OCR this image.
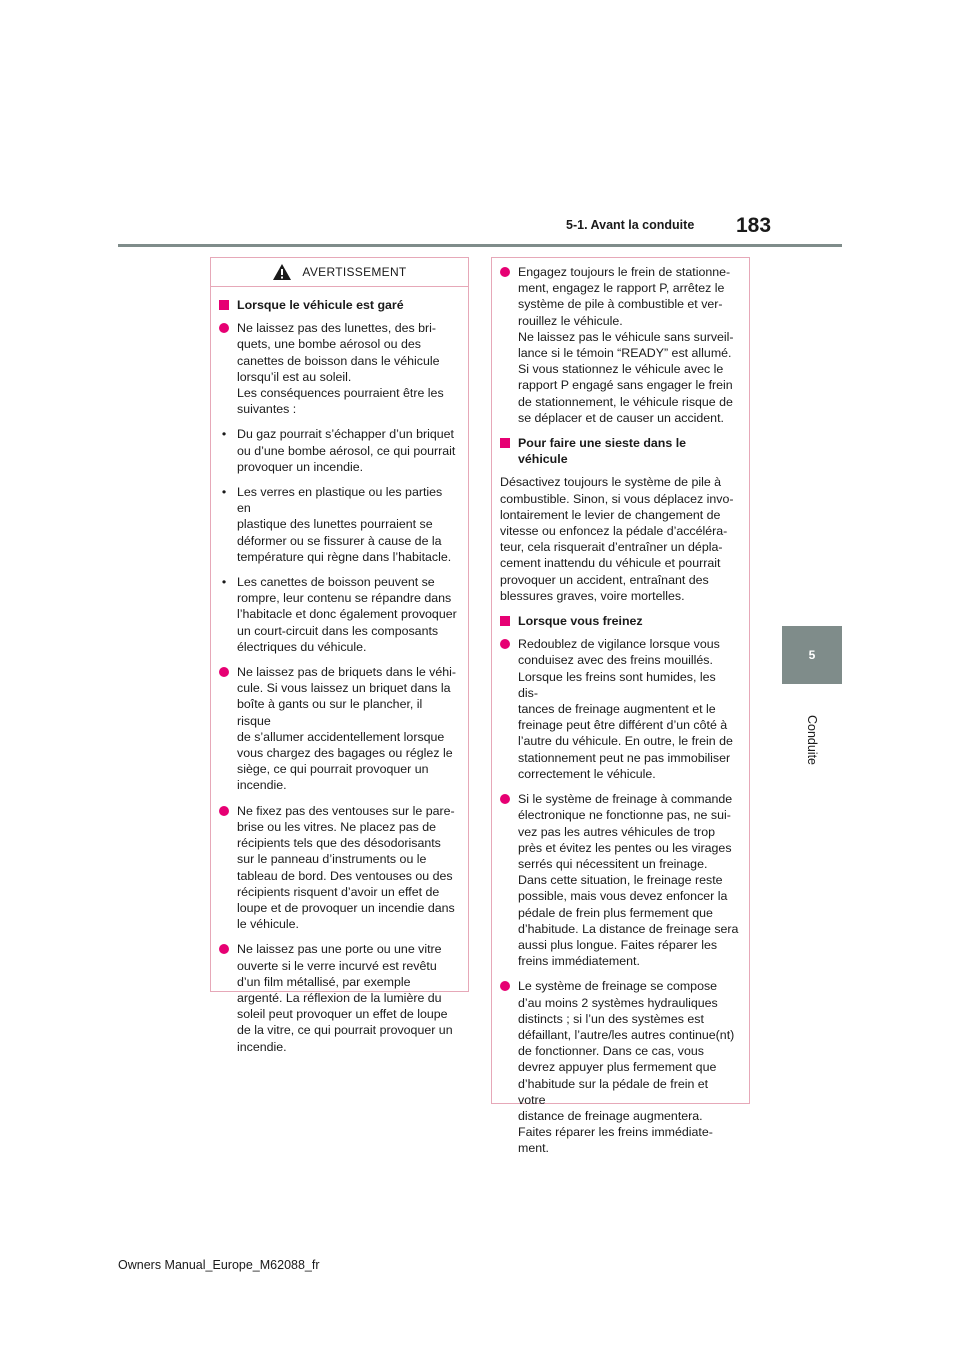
5-1. Avant la conduite 183
5
Conduite
AVERTISSEMENT
Lorsque le véhicule est garé
Ne laissez pas des lunettes, des bri-
quets, une bombe aérosol ou des
canettes de boisson dans le véhicule
lorsqu’il est au soleil.
Les conséquences pourraient être les
suivantes :
• Du gaz pourrait s’échapper d’un briquet
ou d’une bombe aérosol, ce qui pourrait
provoquer un incendie.
• Les verres en plastique ou les parties en
plastique des lunettes pourraient se
déformer ou se fissurer à cause de la
température qui règne dans l’habitacle.
• Les canettes de boisson peuvent se
rompre, leur contenu se répandre dans
l’habitacle et donc également provoquer
un court-circuit dans les composants
électriques du véhicule.
Ne laissez pas de briquets dans le véhi-
cule. Si vous laissez un briquet dans la
boîte à gants ou sur le plancher, il risque
de s’allumer accidentellement lorsque
vous chargez des bagages ou réglez le
siège, ce qui pourrait provoquer un
incendie.
Ne fixez pas des ventouses sur le pare-
brise ou les vitres. Ne placez pas de
récipients tels que des désodorisants
sur le panneau d’instruments ou le
tableau de bord. Des ventouses ou des
récipients risquent d’avoir un effet de
loupe et de provoquer un incendie dans
le véhicule.
Ne laissez pas une porte ou une vitre
ouverte si le verre incurvé est revêtu
d’un film métallisé, par exemple
argenté. La réflexion de la lumière du
soleil peut provoquer un effet de loupe
de la vitre, ce qui pourrait provoquer un
incendie.
Engagez toujours le frein de stationne-
ment, engagez le rapport P, arrêtez le
système de pile à combustible et ver-
rouillez le véhicule.
Ne laissez pas le véhicule sans surveil-
lance si le témoin “READY” est allumé.
Si vous stationnez le véhicule avec le
rapport P engagé sans engager le frein
de stationnement, le véhicule risque de
se déplacer et de causer un accident.
Pour faire une sieste dans le véhicule
Désactivez toujours le système de pile à
combustible. Sinon, si vous déplacez invo-
lontairement le levier de changement de
vitesse ou enfoncez la pédale d’accéléra-
teur, cela risquerait d’entraîner un dépla-
cement inattendu du véhicule et pourrait
provoquer un accident, entraînant des
blessures graves, voire mortelles.
Lorsque vous freinez
Redoublez de vigilance lorsque vous
conduisez avec des freins mouillés.
Lorsque les freins sont humides, les dis-
tances de freinage augmentent et le
freinage peut être différent d’un côté à
l’autre du véhicule. En outre, le frein de
stationnement peut ne pas immobiliser
correctement le véhicule.
Si le système de freinage à commande
électronique ne fonctionne pas, ne sui-
vez pas les autres véhicules de trop
près et évitez les pentes ou les virages
serrés qui nécessitent un freinage.
Dans cette situation, le freinage reste
possible, mais vous devez enfoncer la
pédale de frein plus fermement que
d’habitude. La distance de freinage sera
aussi plus longue. Faites réparer les
freins immédiatement.
Le système de freinage se compose
d’au moins 2 systèmes hydrauliques
distincts ; si l’un des systèmes est
défaillant, l’autre/les autres continue(nt)
de fonctionner. Dans ce cas, vous
devrez appuyer plus fermement que
d’habitude sur la pédale de frein et votre
distance de freinage augmentera.
Faites réparer les freins immédiate-
ment.
Owners Manual_Europe_M62088_fr
